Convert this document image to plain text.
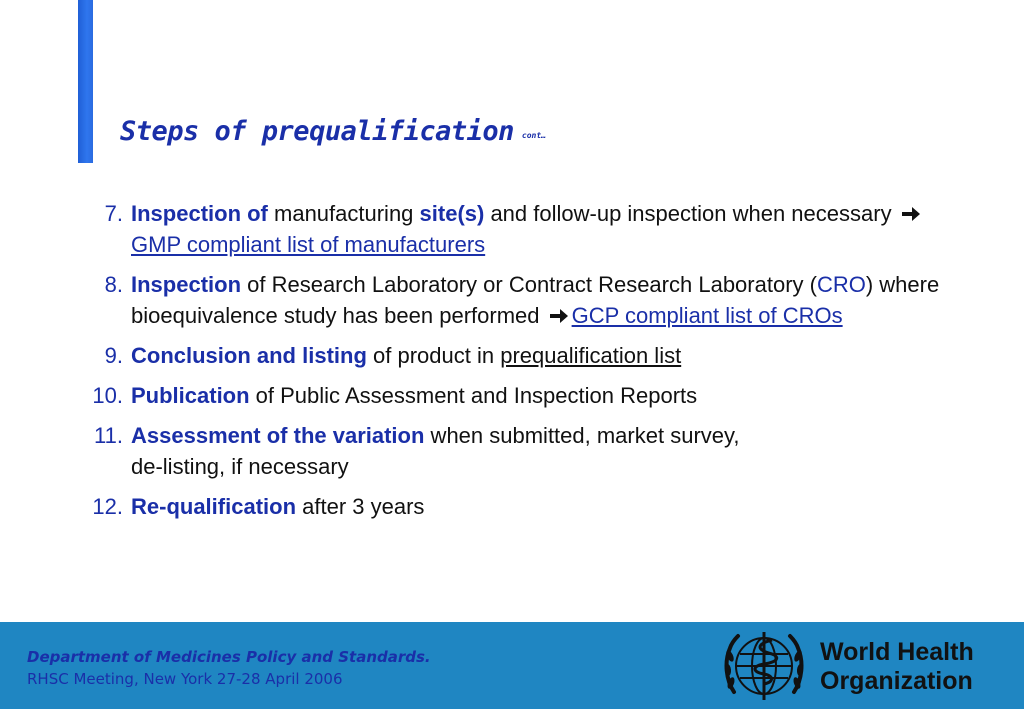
Steps of prequalification cont…
7. Inspection of manufacturing site(s) and follow-up inspection when necessary GMP compliant list of manufacturers
8. Inspection of Research Laboratory or Contract Research Laboratory (CRO) where bioequivalence study has been performed GCP compliant list of CROs
9. Conclusion and listing of product in prequalification list
10. Publication of Public Assessment and Inspection Reports
11. Assessment of the variation when submitted, market survey,
de-listing, if necessary
12. Re-qualification after 3 years
Department of Medicines Policy and Standards.
RHSC Meeting, New York 27-28 April 2006
World Health
Organization
